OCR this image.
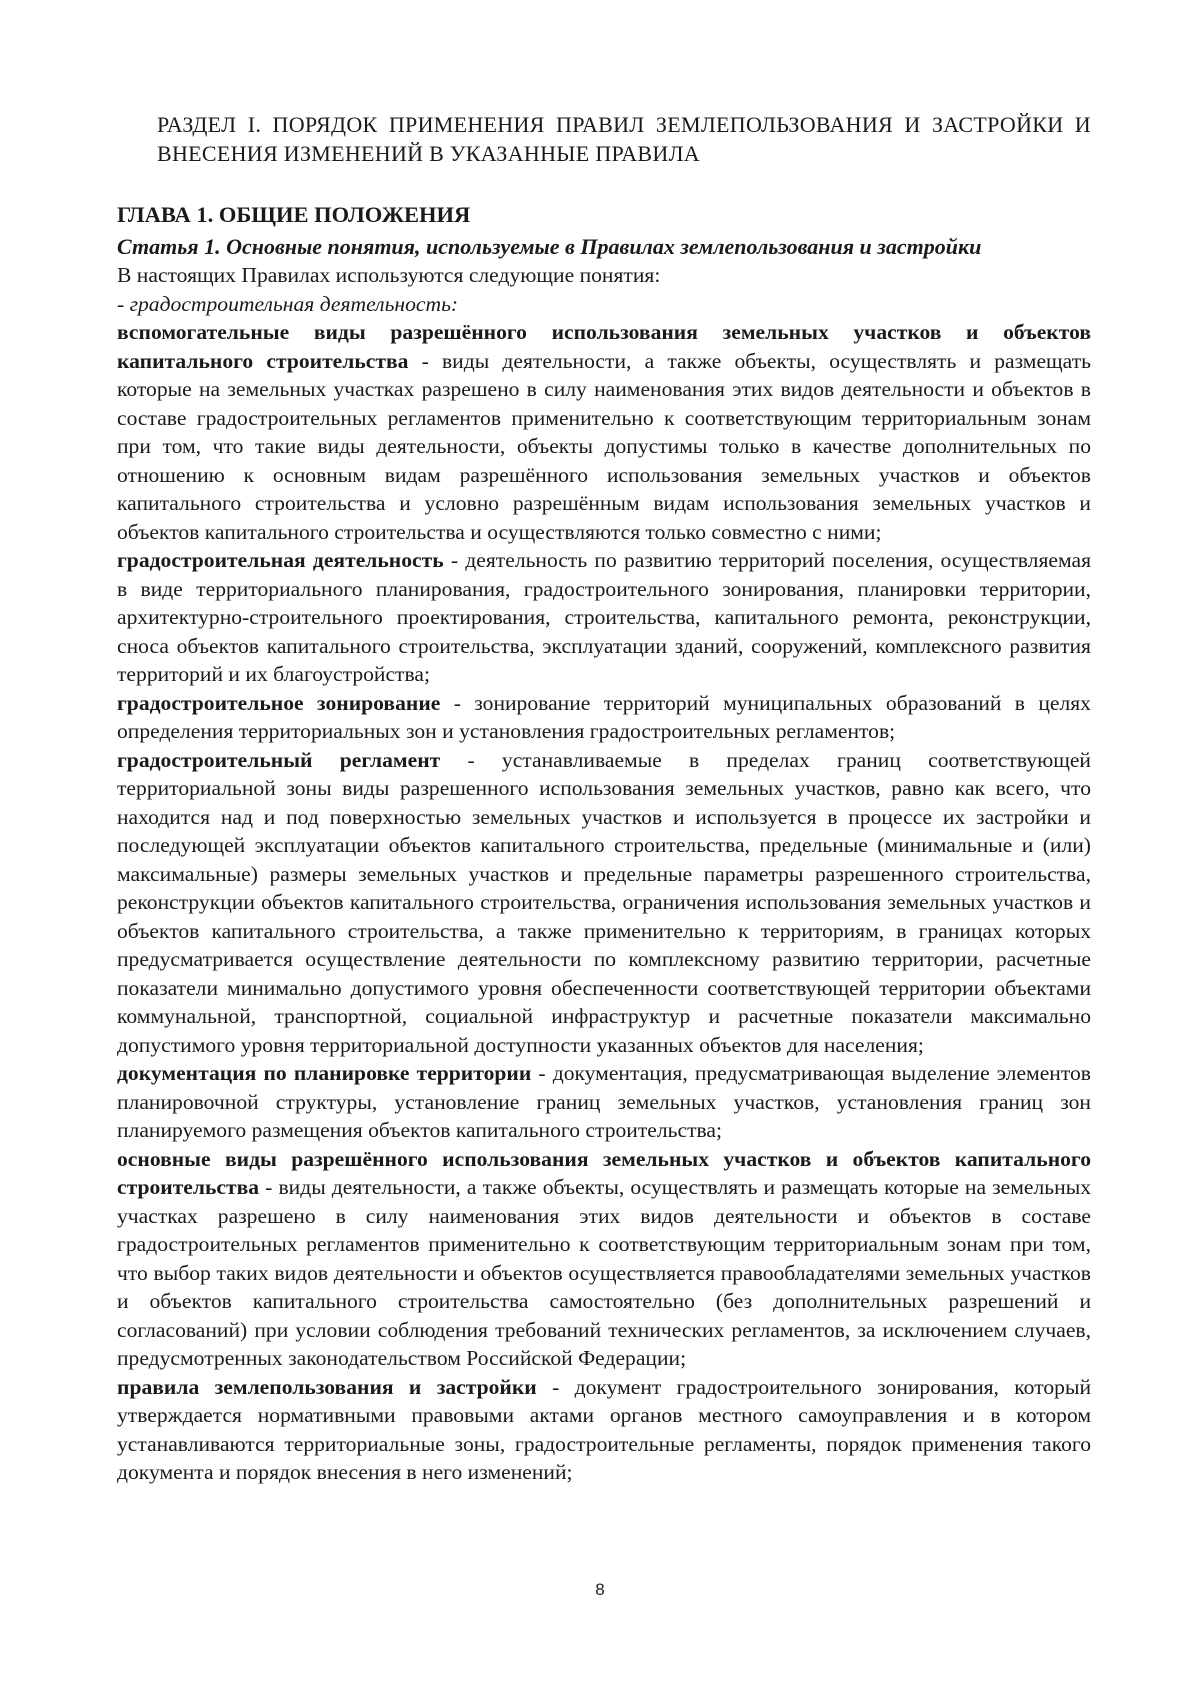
РАЗДЕЛ I. ПОРЯДОК ПРИМЕНЕНИЯ ПРАВИЛ ЗЕМЛЕПОЛЬЗОВАНИЯ И ЗАСТРОЙКИ И ВНЕСЕНИЯ ИЗМЕНЕНИЙ В УКАЗАННЫЕ ПРАВИЛА

ГЛАВА 1. ОБЩИЕ ПОЛОЖЕНИЯ

Статья 1. Основные понятия, используемые в Правилах землепользования и застройки

В настоящих Правилах используются следующие понятия:

- градостроительная деятельность:

вспомогательные виды разрешённого использования земельных участков и объектов капитального строительства - виды деятельности, а также объекты, осуществлять и размещать которые на земельных участках разрешено в силу наименования этих видов деятельности и объектов в составе градостроительных регламентов применительно к соответствующим территориальным зонам при том, что такие виды деятельности, объекты допустимы только в качестве дополнительных по отношению к основным видам разрешённого использования земельных участков и объектов капитального строительства и условно разрешённым видам использования земельных участков и объектов капитального строительства и осуществляются только совместно с ними;

градостроительная деятельность - деятельность по развитию территорий поселения, осуществляемая в виде территориального планирования, градостроительного зонирования, планировки территории, архитектурно-строительного проектирования, строительства, капитального ремонта, реконструкции, сноса объектов капитального строительства, эксплуатации зданий, сооружений, комплексного развития территорий и их благоустройства;

градостроительное зонирование - зонирование территорий муниципальных образований в целях определения территориальных зон и установления градостроительных регламентов;

градостроительный регламент - устанавливаемые в пределах границ соответствующей территориальной зоны виды разрешенного использования земельных участков, равно как всего, что находится над и под поверхностью земельных участков и используется в процессе их застройки и последующей эксплуатации объектов капитального строительства, предельные (минимальные и (или) максимальные) размеры земельных участков и предельные параметры разрешенного строительства, реконструкции объектов капитального строительства, ограничения использования земельных участков и объектов капитального строительства, а также применительно к территориям, в границах которых предусматривается осуществление деятельности по комплексному развитию территории, расчетные показатели минимально допустимого уровня обеспеченности соответствующей территории объектами коммунальной, транспортной, социальной инфраструктур и расчетные показатели максимально допустимого уровня территориальной доступности указанных объектов для населения;

документация по планировке территории - документация, предусматривающая выделение элементов планировочной структуры, установление границ земельных участков, установления границ зон планируемого размещения объектов капитального строительства;

основные виды разрешённого использования земельных участков и объектов капитального строительства - виды деятельности, а также объекты, осуществлять и размещать которые на земельных участках разрешено в силу наименования этих видов деятельности и объектов в составе градостроительных регламентов применительно к соответствующим территориальным зонам при том, что выбор таких видов деятельности и объектов осуществляется правообладателями земельных участков и объектов капитального строительства самостоятельно (без дополнительных разрешений и согласований) при условии соблюдения требований технических регламентов, за исключением случаев, предусмотренных законодательством Российской Федерации;

правила землепользования и застройки - документ градостроительного зонирования, который утверждается нормативными правовыми актами органов местного самоуправления и в котором устанавливаются территориальные зоны, градостроительные регламенты, порядок применения такого документа и порядок внесения в него изменений;

8
